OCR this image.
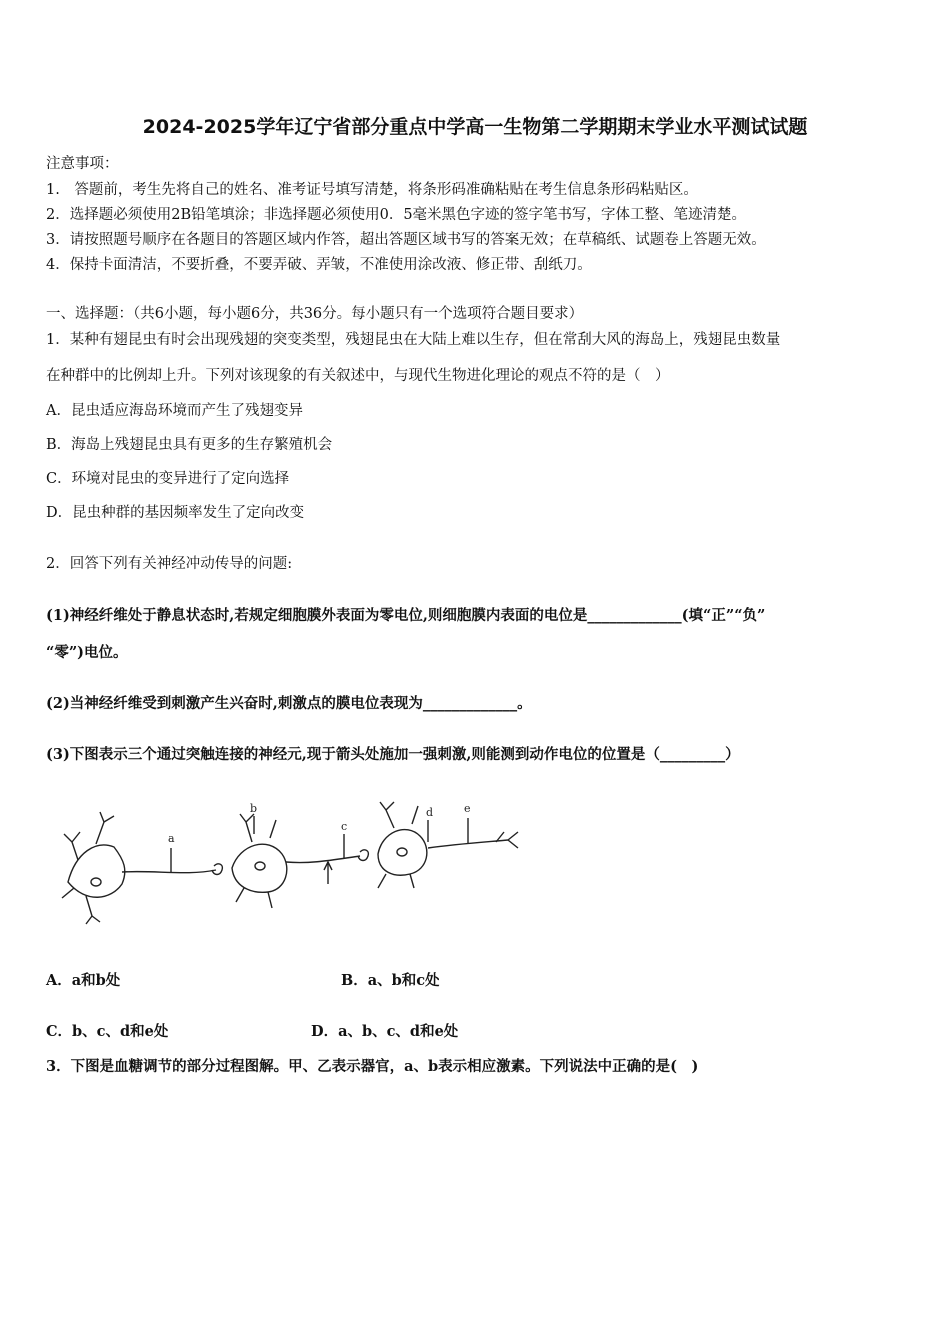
2024-2025学年辽宁省部分重点中学高一生物第二学期期末学业水平测试试题
注意事项：
1.　答题前，考生先将自己的姓名、准考证号填写清楚，将条形码准确粘贴在考生信息条形码粘贴区。
2．选择题必须使用2B铅笔填涂；非选择题必须使用0．5毫米黑色字迹的签字笔书写，字体工整、笔迹清楚。
3．请按照题号顺序在各题目的答题区域内作答，超出答题区域书写的答案无效；在草稿纸、试题卷上答题无效。
4．保持卡面清洁，不要折叠，不要弄破、弄皱，不准使用涂改液、修正带、刮纸刀。
一、选择题：（共6小题，每小题6分，共36分。每小题只有一个选项符合题目要求）
1．某种有翅昆虫有时会出现残翅的突变类型，残翅昆虫在大陆上难以生存，但在常刮大风的海岛上，残翅昆虫数量
在种群中的比例却上升。下列对该现象的有关叙述中，与现代生物进化理论的观点不符的是（　）
A．昆虫适应海岛环境而产生了残翅变异
B．海岛上残翅昆虫具有更多的生存繁殖机会
C．环境对昆虫的变异进行了定向选择
D．昆虫种群的基因频率发生了定向改变
2．回答下列有关神经冲动传导的问题:
(1)神经纤维处于静息状态时,若规定细胞膜外表面为零电位,则细胞膜内表面的电位是_____________(填“正”“负”
“零”)电位。
(2)当神经纤维受到刺激产生兴奋时,刺激点的膜电位表现为_____________。
(3)下图表示三个通过突触连接的神经元,现于箭头处施加一强刺激,则能测到动作电位的位置是（_________）
a
b
c
d	e
A．a和b处	B．a、b和c处
C．b、c、d和e处	D．a、b、c、d和e处
3．下图是血糖调节的部分过程图解。甲、乙表示器官，a、b表示相应激素。下列说法中正确的是(　)
